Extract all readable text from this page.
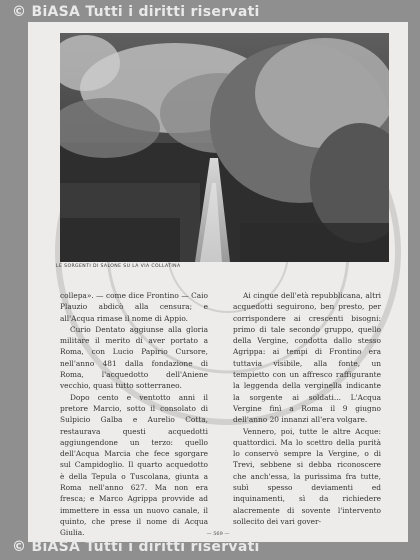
© BiASA Tutti i diritti riservati
LE SORGENTI DI SALONE SU LA VIA COLLATINA

collepa». — come dice Frontino — Caio Plauzio abdicò alla censura; e all'Acqua rimase il nome di Appio.

Curio Dentato aggiunse alla gloria militare il merito di aver portato a Roma, con Lucio Papirio Cursore, nell'anno 481 dalla fondazione di Roma, l'acquedotto dell'Aniene vecchio, quasi tutto sotterraneo.

Dopo cento e ventotto anni il pretore Marcio, sotto il consolato di Sulpicio Galba e Aurelio Cotta, restaurava questi acquedotti aggiungendone un terzo: quello dell'Acqua Marcia che fece sgorgare sul Campidoglio. Il quarto acquedotto è della Tepula o Tuscolana, giunta a Roma nell'anno 627. Ma non era fresca; e Marco Agrippa provvide ad immettere in essa un nuovo canale, il quinto, che prese il nome di Acqua Giulia.

Ai cinque dell'età repubblicana, altri acquedotti seguirono, ben presto, per corrispondere ai crescenti bisogni: primo di tale secondo gruppo, quello della Vergine, condotta dallo stesso Agrippa: ai tempi di Frontino era tuttavia visibile, alla fonte, un tempietto con un affresco raffigurante la leggenda della verginella indicante la sorgente ai soldati... L'Acqua Vergine finì a Roma il 9 giugno dell'anno 20 innanzi all'era volgare.

Vennero, poi, tutte le altre Acque: quattordici. Ma lo scettro della purità lo conservò sempre la Vergine, o di Trevi, sebbene si debba riconoscere che anch'essa, la purissima fra tutte, subì spesso deviamenti ed inquinamenti, sì da richiedere alacremente di sovente l'intervento sollecito dei vari gover-

— 569 —
© BiASA Tutti i diritti riservati
